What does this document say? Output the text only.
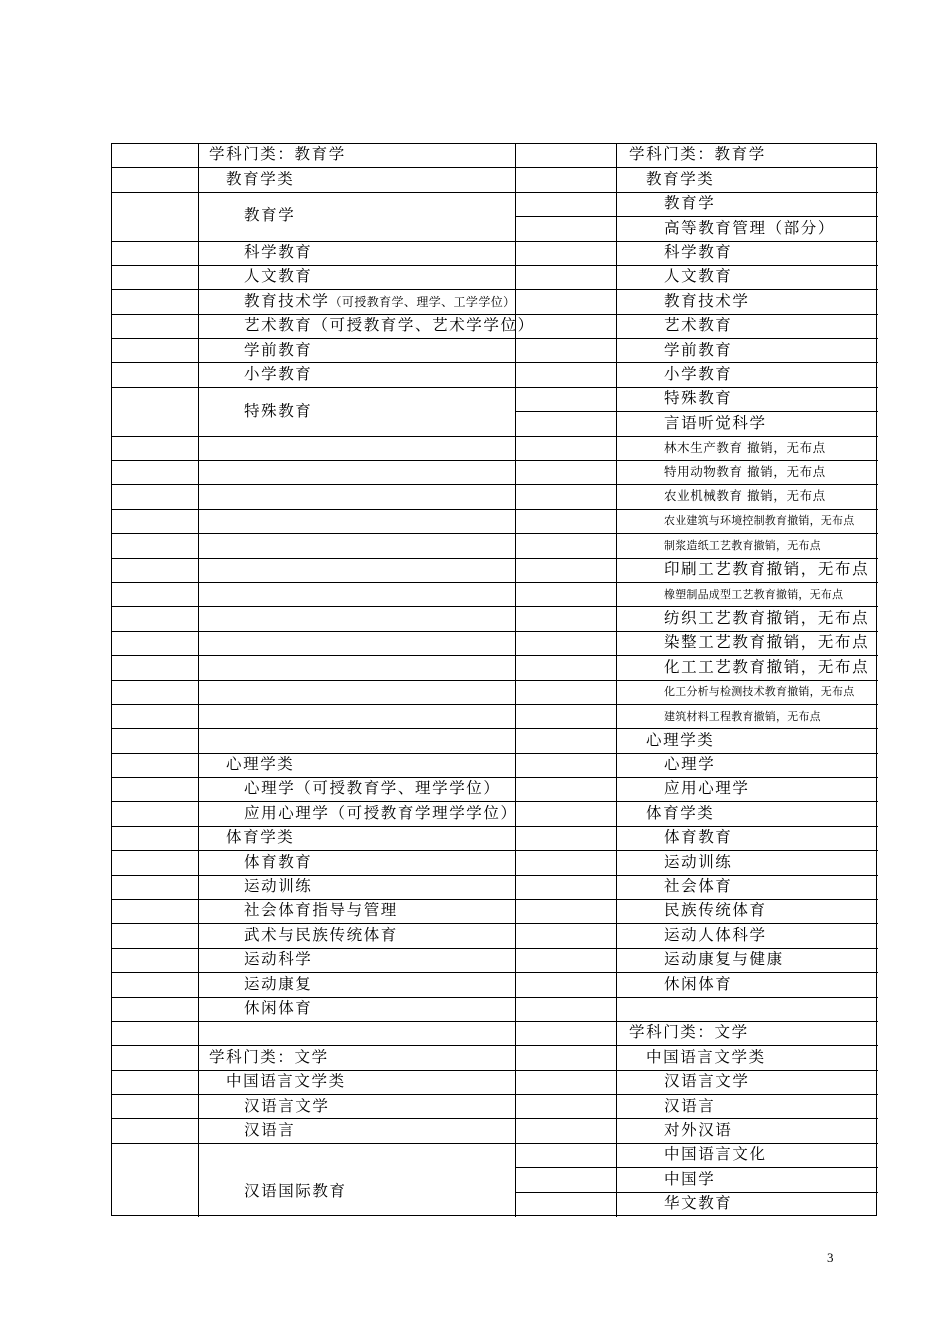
学科门类：教育学
教育学类
教育学
科学教育
人文教育
教育技术学（可授教育学、理学、工学学位）
艺术教育（可授教育学、艺术学学位）
学前教育
小学教育
特殊教育
心理学类
心理学（可授教育学、理学学位）
应用心理学（可授教育学理学学位）
体育学类
体育教育
运动训练
社会体育指导与管理
武术与民族传统体育
运动科学
运动康复
休闲体育
学科门类：文学
中国语言文学类
汉语言文学
汉语言
汉语国际教育
学科门类：教育学
教育学类
教育学
高等教育管理（部分）
科学教育
人文教育
教育技术学
艺术教育
学前教育
小学教育
特殊教育
言语听觉科学
林木生产教育 撤销，无布点
特用动物教育 撤销，无布点
农业机械教育 撤销，无布点
农业建筑与环境控制教育撤销，无布点
制浆造纸工艺教育撤销，无布点
印刷工艺教育撤销，无布点
橡塑制品成型工艺教育撤销，无布点
纺织工艺教育撤销，无布点
染整工艺教育撤销，无布点
化工工艺教育撤销，无布点
化工分析与检测技术教育撤销，无布点
建筑材料工程教育撤销，无布点
心理学类
心理学
应用心理学
体育学类
体育教育
运动训练
社会体育
民族传统体育
运动人体科学
运动康复与健康
休闲体育
学科门类：文学
中国语言文学类
汉语言文学
汉语言
对外汉语
中国语言文化
中国学
华文教育
3
